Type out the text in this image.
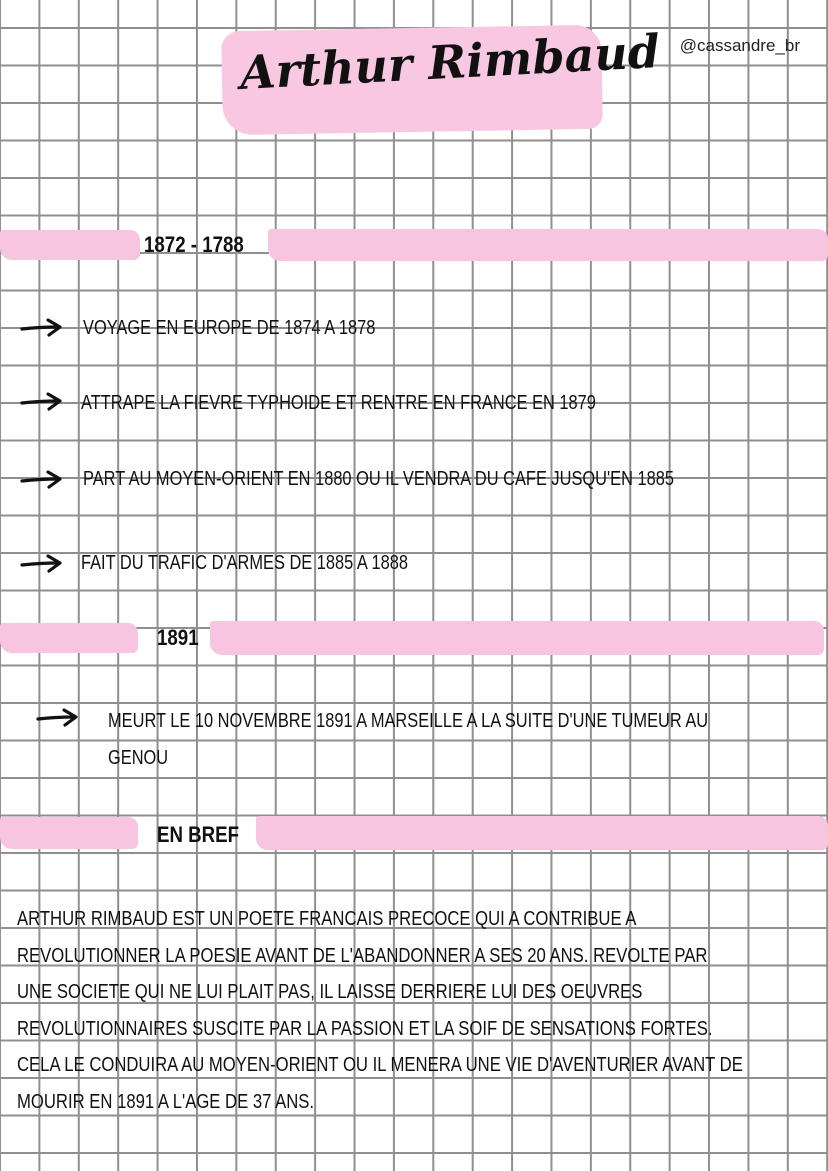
Arthur Rimbaud @cassandre_br
1872 - 1788
VOYAGE EN EUROPE DE 1874 A 1878
ATTRAPE LA FIEVRE TYPHOIDE ET RENTRE EN FRANCE EN 1879
PART AU MOYEN-ORIENT EN 1880 OU IL VENDRA DU CAFE JUSQU'EN 1885
FAIT DU TRAFIC D'ARMES DE 1885 A 1888
1891
MEURT LE 10 NOVEMBRE 1891 A MARSEILLE A LA SUITE D'UNE TUMEUR AU
GENOU
EN BREF
ARTHUR RIMBAUD EST UN POETE FRANCAIS PRECOCE QUI A CONTRIBUE A
REVOLUTIONNER LA POESIE AVANT DE L'ABANDONNER A SES 20 ANS. REVOLTE PAR
UNE SOCIETE QUI NE LUI PLAIT PAS, IL LAISSE DERRIERE LUI DES OEUVRES
REVOLUTIONNAIRES SUSCITE PAR LA PASSION ET LA SOIF DE SENSATIONS FORTES.
CELA LE CONDUIRA AU MOYEN-ORIENT OU IL MENERA UNE VIE D'AVENTURIER AVANT DE
MOURIR EN 1891 A L'AGE DE 37 ANS.
